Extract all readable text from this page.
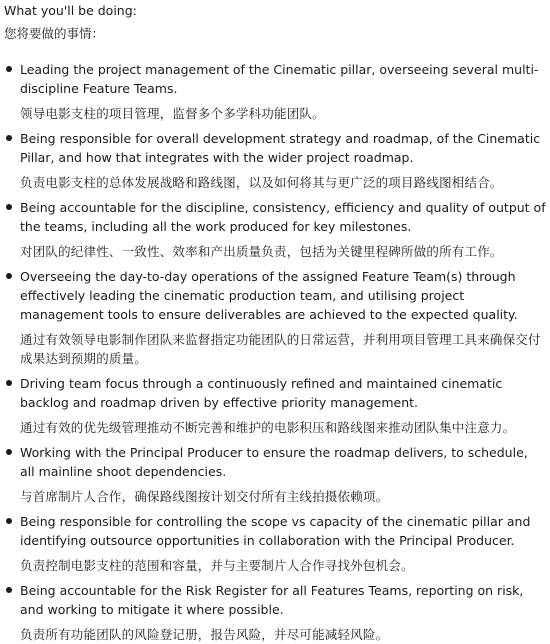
What you'll be doing:

您将要做的事情：

Leading the project management of the Cinematic pillar, overseeing several multi-discipline Feature Teams.

领导电影支柱的项目管理，监督多个多学科功能团队。

Being responsible for overall development strategy and roadmap, of the Cinematic Pillar, and how that integrates with the wider project roadmap.

负责电影支柱的总体发展战略和路线图，以及如何将其与更广泛的项目路线图相结合。

Being accountable for the discipline, consistency, efficiency and quality of output of the teams, including all the work produced for key milestones.

对团队的纪律性、一致性、效率和产出质量负责，包括为关键里程碑所做的所有工作。

Overseeing the day-to-day operations of the assigned Feature Team(s) through effectively leading the cinematic production team, and utilising project management tools to ensure deliverables are achieved to the expected quality.

通过有效领导电影制作团队来监督指定功能团队的日常运营，并利用项目管理工具来确保交付成果达到预期的质量。

Driving team focus through a continuously refined and maintained cinematic backlog and roadmap driven by effective priority management.

通过有效的优先级管理推动不断完善和维护的电影积压和路线图来推动团队集中注意力。

Working with the Principal Producer to ensure the roadmap delivers, to schedule, all mainline shoot dependencies.

与首席制片人合作，确保路线图按计划交付所有主线拍摄依赖项。

Being responsible for controlling the scope vs capacity of the cinematic pillar and identifying outsource opportunities in collaboration with the Principal Producer.

负责控制电影支柱的范围和容量，并与主要制片人合作寻找外包机会。

Being accountable for the Risk Register for all Features Teams, reporting on risk, and working to mitigate it where possible.

负责所有功能团队的风险登记册，报告风险，并尽可能减轻风险。
